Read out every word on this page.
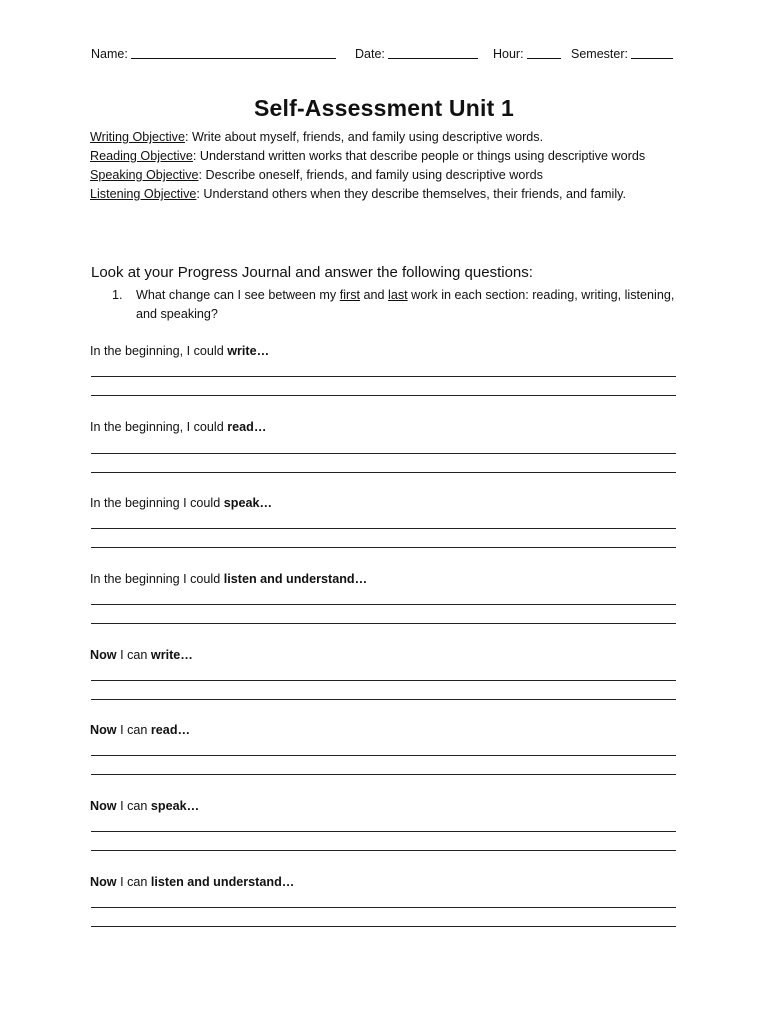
Name:	Date:	Hour:	Semester:
Self-Assessment Unit 1

Writing Objective: Write about myself, friends, and family using descriptive words.

Reading Objective: Understand written works that describe people or things using descriptive words

Speaking Objective: Describe oneself, friends, and family using descriptive words

Listening Objective: Understand others when they describe themselves, their friends, and family.

Look at your Progress Journal and answer the following questions:
1. What change can I see between my first and last work in each section: reading, writing, listening, and speaking?
In the beginning, I could write…
In the beginning, I could read…
In the beginning I could speak…
In the beginning I could listen and understand…
Now I can write…
Now I can read…
Now I can speak…
Now I can listen and understand…
